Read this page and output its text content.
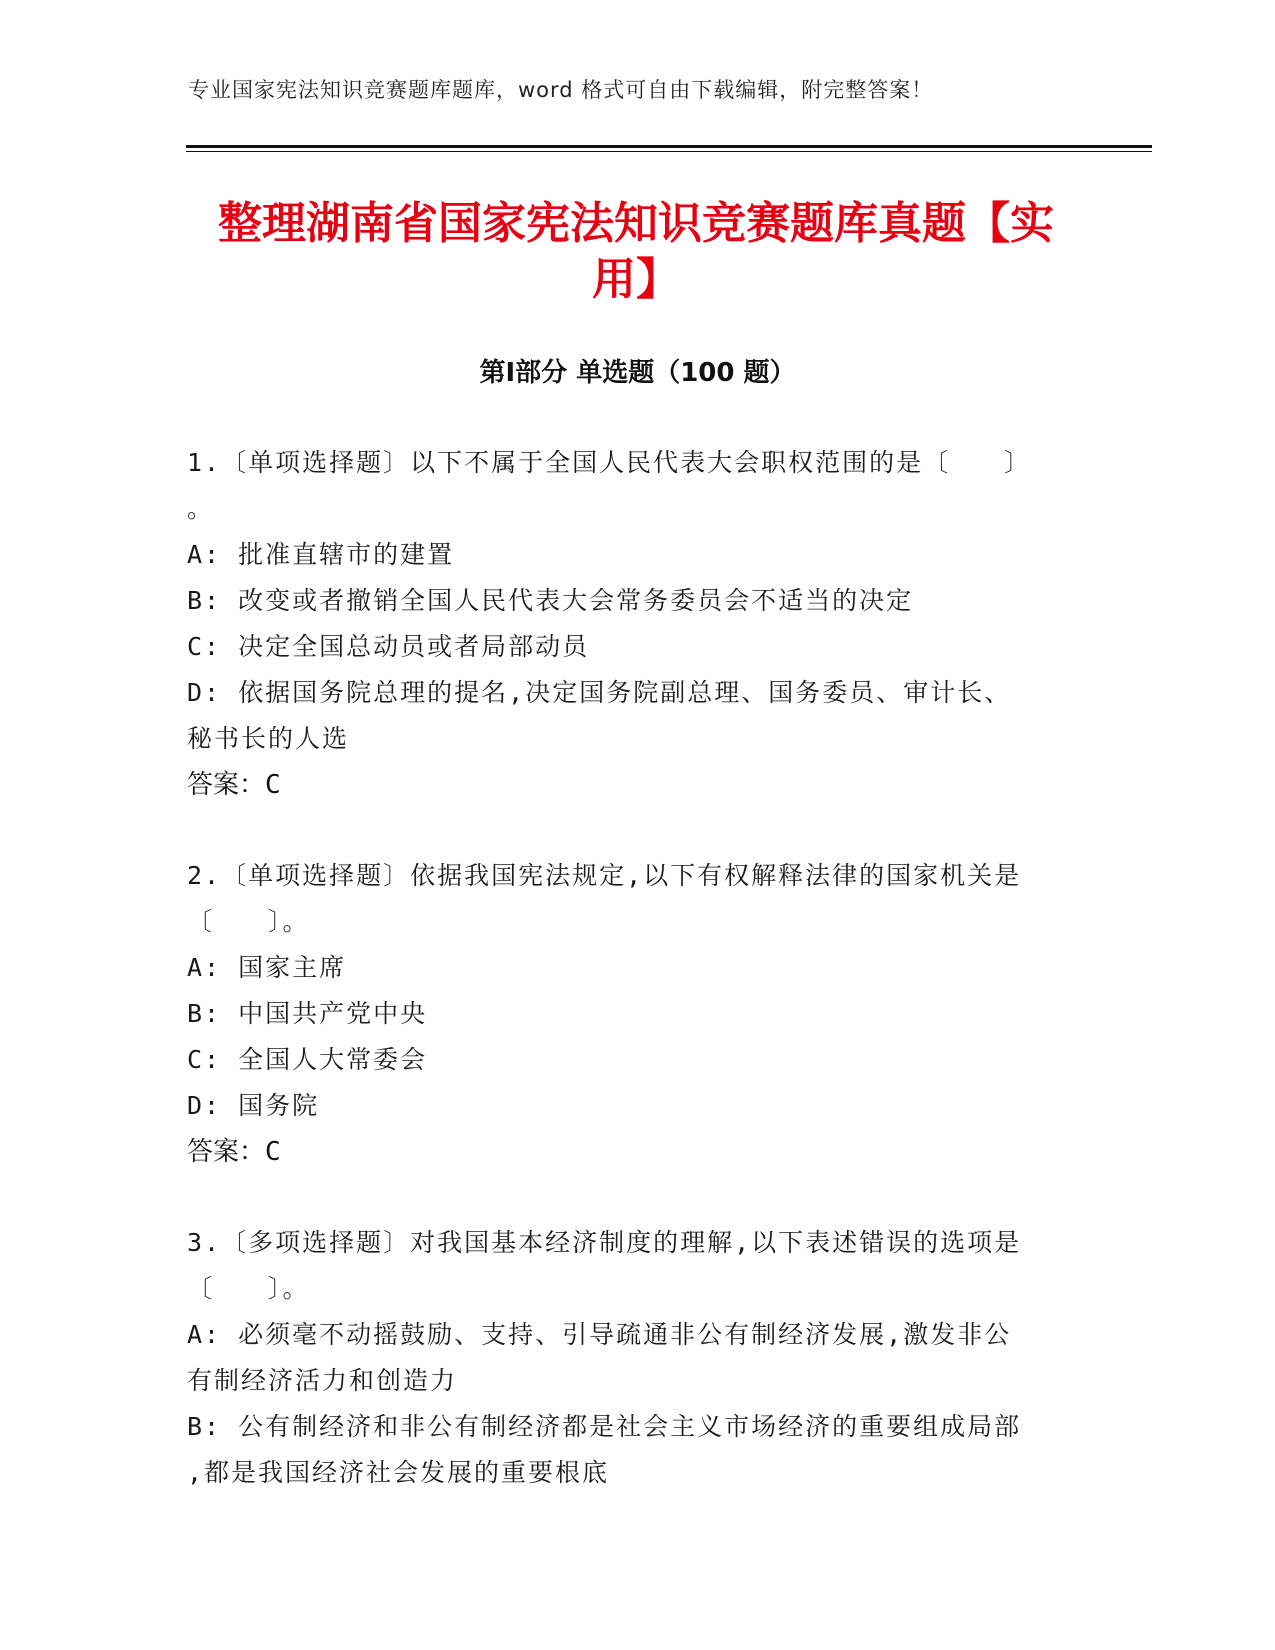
专业国家宪法知识竞赛题库题库，word 格式可自由下载编辑，附完整答案！
整理湖南省国家宪法知识竞赛题库真题【实
用】
第Ⅰ部分 单选题（100 题）
1.〔单项选择题〕以下不属于全国人民代表大会职权范围的是〔　　〕
。
A: 批准直辖市的建置
B: 改变或者撤销全国人民代表大会常务委员会不适当的决定
C: 决定全国总动员或者局部动员
D: 依据国务院总理的提名,决定国务院副总理、国务委员、审计长、
秘书长的人选
答案：C
2.〔单项选择题〕依据我国宪法规定,以下有权解释法律的国家机关是
〔　　〕。
A: 国家主席
B: 中国共产党中央
C: 全国人大常委会
D: 国务院
答案：C
3.〔多项选择题〕对我国基本经济制度的理解,以下表述错误的选项是
〔　　〕。
A: 必须毫不动摇鼓励、支持、引导疏通非公有制经济发展,激发非公
有制经济活力和创造力
B: 公有制经济和非公有制经济都是社会主义市场经济的重要组成局部
,都是我国经济社会发展的重要根底
